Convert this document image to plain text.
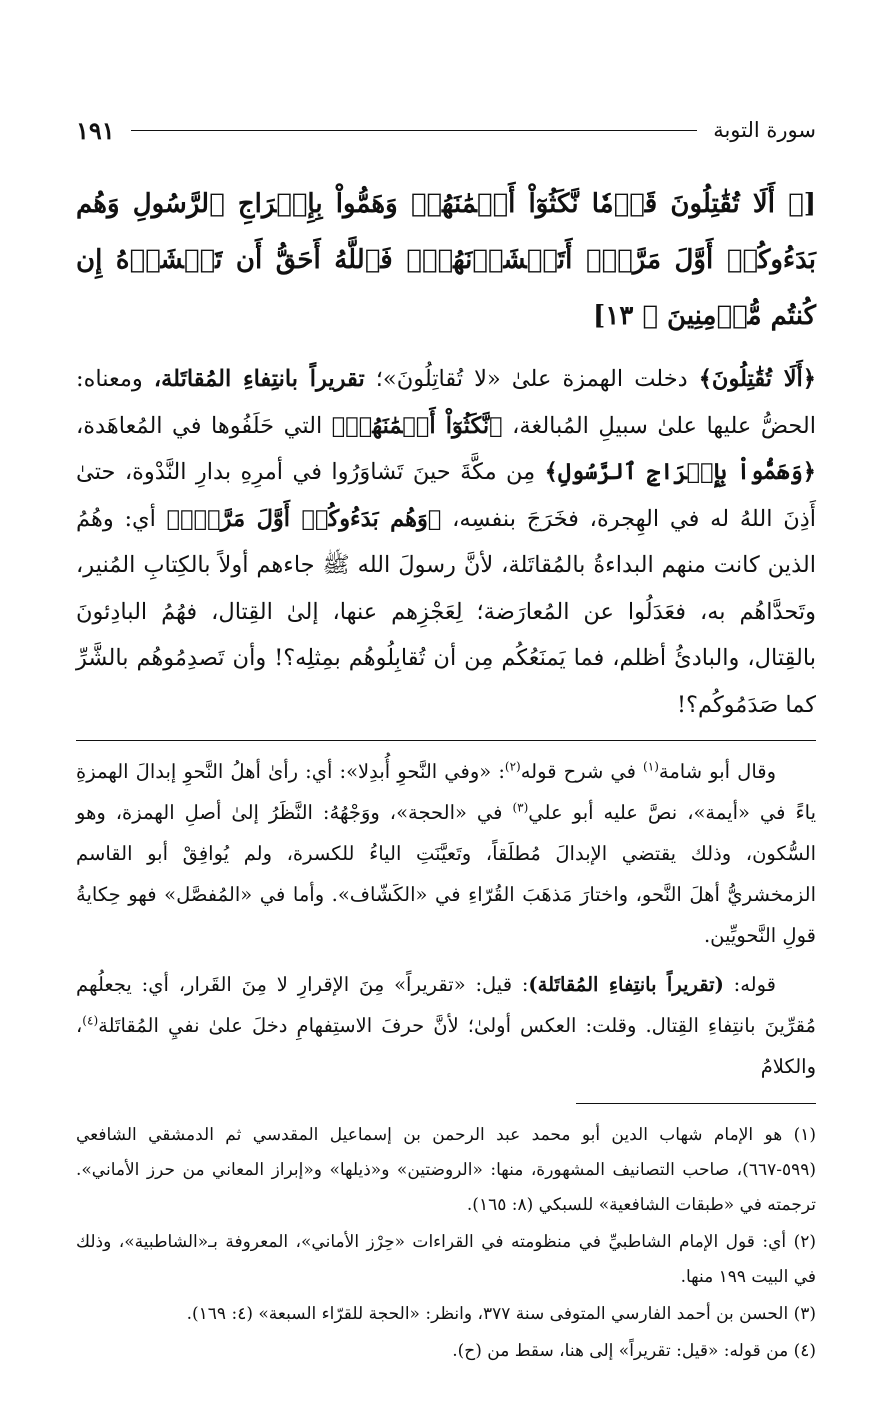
سورة التوبة
١٩١
[﴿ أَلَا تُقَٰتِلُونَ قَوۡمٗا نَّكَثُوٓاْ أَيۡمَٰنَهُمۡ وَهَمُّواْ بِإِخۡرَاجِ ٱلرَّسُولِ وَهُم بَدَءُوكُمۡ أَوَّلَ مَرَّةٍۚ أَتَخۡشَوۡنَهُمۡۚ فَٱللَّهُ أَحَقُّ أَن تَخۡشَوۡهُ إِن كُنتُم مُّؤۡمِنِينَ ﴾ ١٣]
﴿أَلَا تُقَٰتِلُونَ﴾ دخلت الهمزة علىٰ «لا تُقاتِلُونَ»؛ تقريراً بانتِفاءِ المُقاتَلة، ومعناه: الحضُّ عليها علىٰ سبيلِ المُبالغة، ﴿نَّكَثُوٓاْ أَيۡمَٰنَهُمۡ﴾ التي حَلَفُوها في المُعاهَدة، ﴿وَهَمُّواْ بِإِخۡرَاجِ ٱلرَّسُولِ﴾ مِن مكَّةَ حينَ تَشاوَرُوا في أمرِهِ بدارِ النَّدْوة، حتىٰ أَذِنَ اللهُ له في الهِجرة، فخَرَجَ بنفسِه، ﴿وَهُم بَدَءُوكُمۡ أَوَّلَ مَرَّةٍۚ﴾ أي: وهُمُ الذين كانت منهم البداءةُ بالمُقاتَلة، لأنَّ رسولَ الله ﷺ جاءهم أولاً بالكِتابِ المُنير، وتَحدَّاهُم به، فعَدَلُوا عن المُعارَضة؛ لِعَجْزِهم عنها، إلىٰ القِتال، فهُمُ البادِئونَ بالقِتال، والبادئُ أظلم، فما يَمنَعُكُم مِن أن تُقابِلُوهُم بمِثلِه؟! وأن تَصدِمُوهُم بالشَّرِّ كما صَدَمُوكُم؟!

وقال أبو شامة$^{(١)}$ في شرح قوله$^{(٢)}$: «وفي النَّحوِ أُبدِلا»: أي: رأىٰ أهلُ النَّحوِ إبدالَ الهمزةِ ياءً في «أيمة»، نصَّ عليه أبو علي$^{(٣)}$ في «الحجة»، ووَجْهُهُ: النَّظَرُ إلىٰ أصلِ الهمزة، وهو السُّكون، وذلك يقتضي الإبدالَ مُطلَقاً، وتَعيَّنَتِ الياءُ للكسرة، ولم يُوافِقْ أبو القاسم الزمخشريُّ أهلَ النَّحو، واختارَ مَذهَبَ القُرّاءِ في «الكَشّاف». وأما في «المُفصَّل» فهو حِكايةُ قولِ النَّحويِّين.

قوله: (تقريراً بانتِفاءِ المُقاتَلة): قيل: «تقريراً» مِنَ الإقرارِ لا مِنَ القَرار، أي: يجعلُهم مُقرِّينَ بانتِفاءِ القِتال. وقلت: العكس أولىٰ؛ لأنَّ حرفَ الاستِفهامِ دخلَ علىٰ نفيِ المُقاتَلة$^{(٤)}$، والكلامُ

(١) هو الإمام شهاب الدين أبو محمد عبد الرحمن بن إسماعيل المقدسي ثم الدمشقي الشافعي (٥٩٩-٦٦٧)، صاحب التصانيف المشهورة، منها: «الروضتين» و«ذيلها» و«إبراز المعاني من حرز الأماني». ترجمته في «طبقات الشافعية» للسبكي (٨: ١٦٥).
(٢) أي: قول الإمام الشاطبيِّ في منظومته في القراءات «حِرْز الأماني»، المعروفة بـ«الشاطبية»، وذلك في البيت ١٩٩ منها.
(٣) الحسن بن أحمد الفارسي المتوفى سنة ٣٧٧، وانظر: «الحجة للقرّاء السبعة» (٤: ١٦٩).
(٤) من قوله: «قيل: تقريراً» إلى هنا، سقط من (ح).
